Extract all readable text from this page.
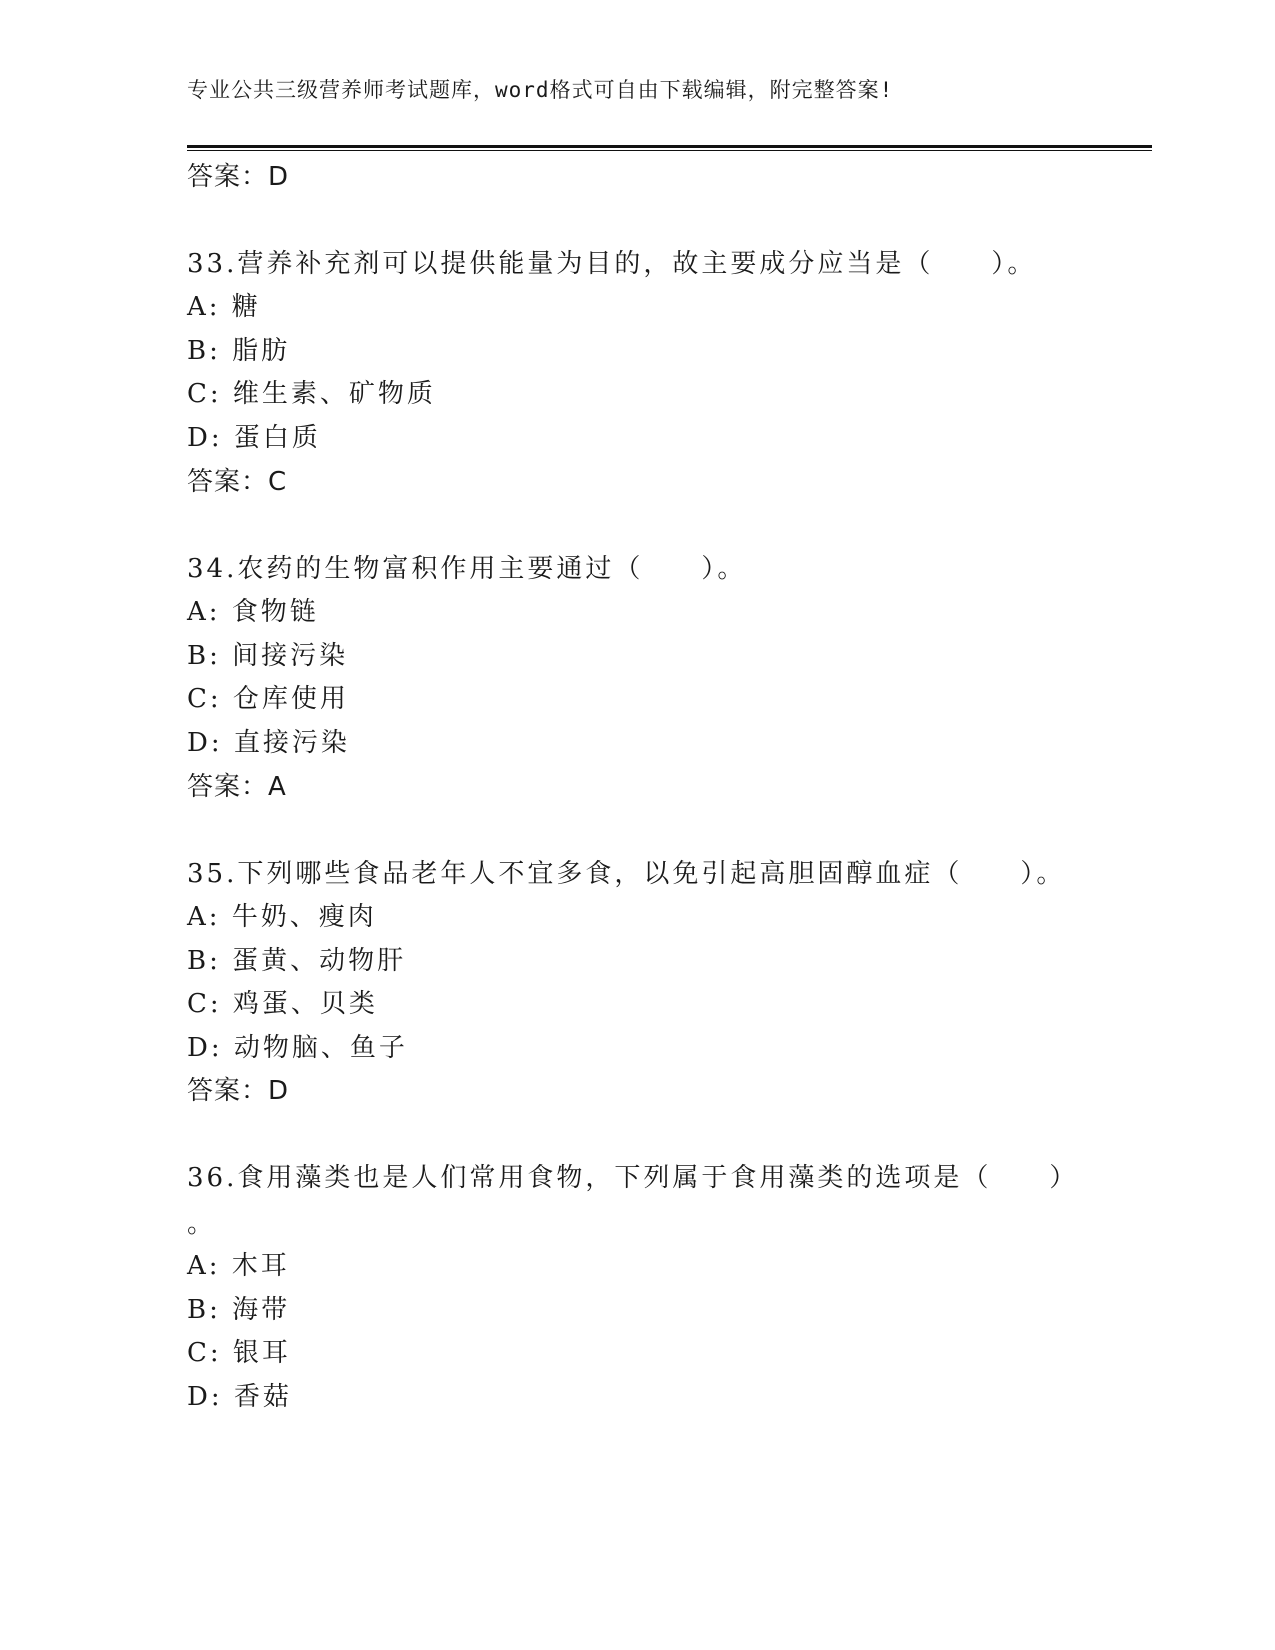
专业公共三级营养师考试题库，word格式可自由下载编辑，附完整答案!
答案：D
33.营养补充剂可以提供能量为目的，故主要成分应当是（　　）。
A: 糖
B: 脂肪
C: 维生素、矿物质
D: 蛋白质
答案：C
34.农药的生物富积作用主要通过（　　）。
A: 食物链
B: 间接污染
C: 仓库使用
D: 直接污染
答案：A
35.下列哪些食品老年人不宜多食，以免引起高胆固醇血症（　　）。
A: 牛奶、瘦肉
B: 蛋黄、动物肝
C: 鸡蛋、贝类
D: 动物脑、鱼子
答案：D
36.食用藻类也是人们常用食物，下列属于食用藻类的选项是（　　）
。
A: 木耳
B: 海带
C: 银耳
D: 香菇
